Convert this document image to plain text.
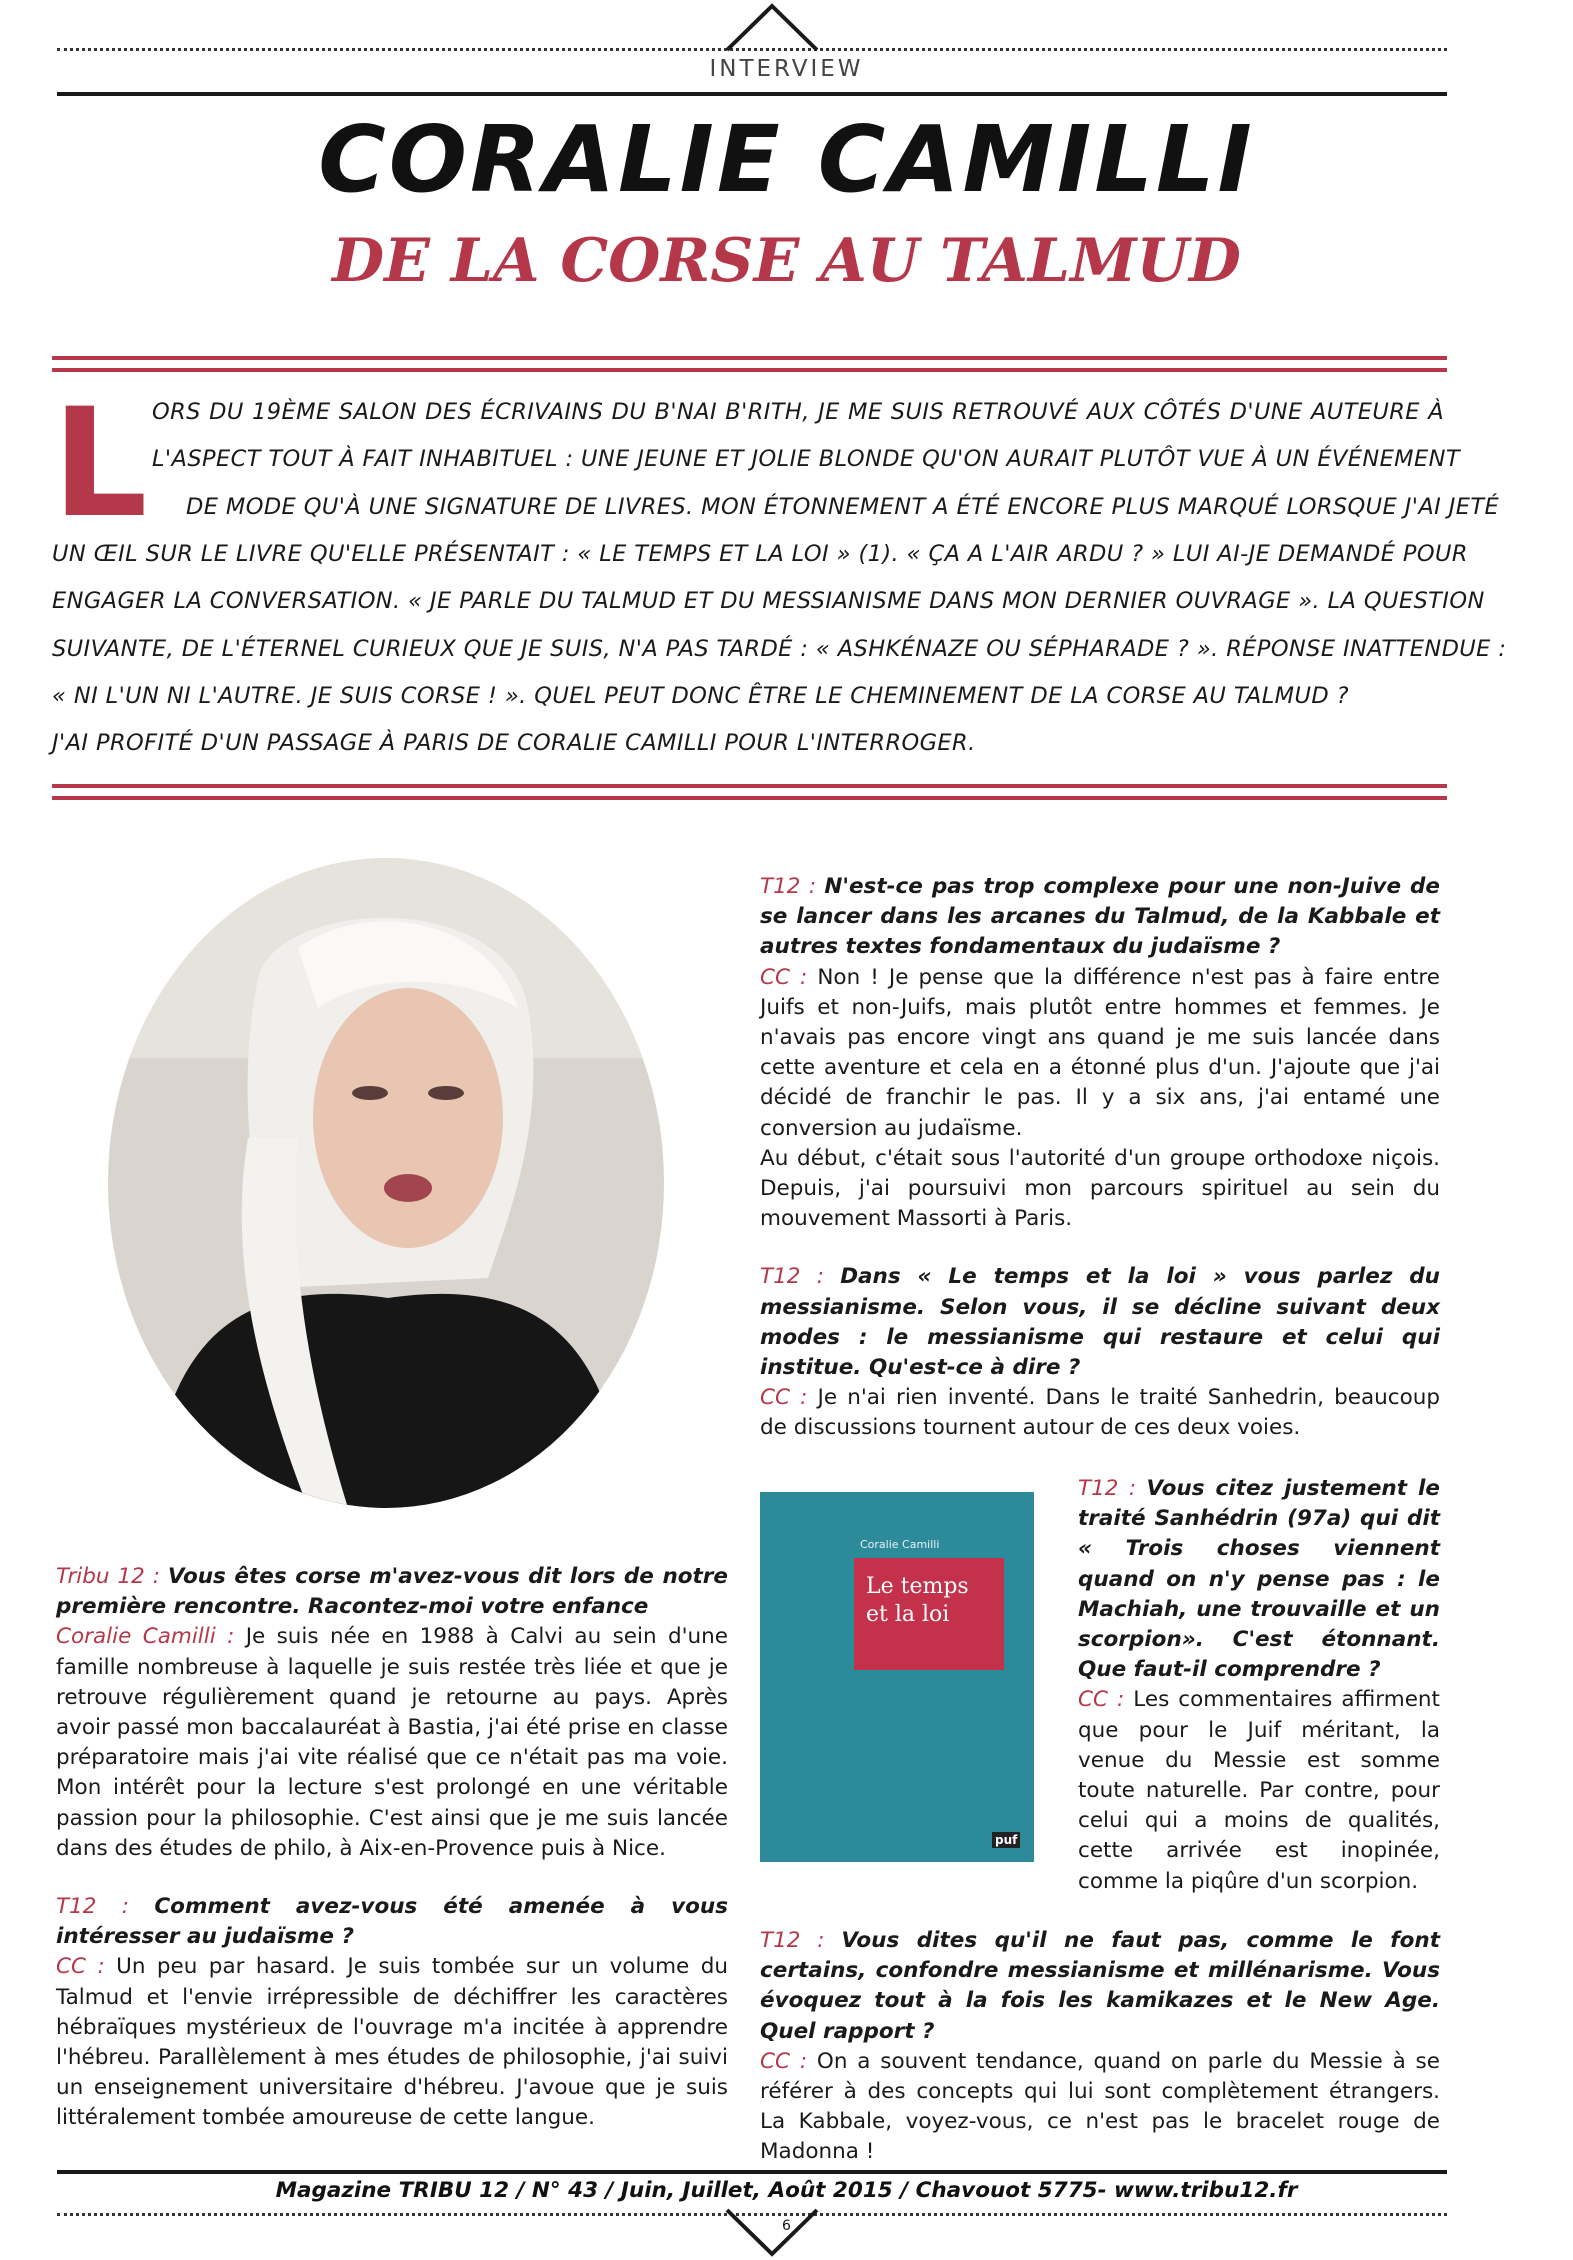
INTERVIEW
CORALIE CAMILLI
DE LA CORSE AU TALMUD
L ORS DU 19ÈME SALON DES ÉCRIVAINS DU B'NAI B'RITH, JE ME SUIS RETROUVÉ AUX CÔTÉS D'UNE AUTEURE À
L'ASPECT TOUT À FAIT INHABITUEL : UNE JEUNE ET JOLIE BLONDE QU'ON AURAIT PLUTÔT VUE À UN ÉVÉNEMENT
DE MODE QU'À UNE SIGNATURE DE LIVRES. MON ÉTONNEMENT A ÉTÉ ENCORE PLUS MARQUÉ LORSQUE J'AI JETÉ
UN ŒIL SUR LE LIVRE QU'ELLE PRÉSENTAIT : « LE TEMPS ET LA LOI » (1). « ÇA A L'AIR ARDU ? » LUI AI-JE DEMANDÉ POUR
ENGAGER LA CONVERSATION. « JE PARLE DU TALMUD ET DU MESSIANISME DANS MON DERNIER OUVRAGE ». LA QUESTION
SUIVANTE, DE L'ÉTERNEL CURIEUX QUE JE SUIS, N'A PAS TARDÉ : « ASHKÉNAZE OU SÉPHARADE ? ». RÉPONSE INATTENDUE :
« NI L'UN NI L'AUTRE. JE SUIS CORSE ! ». QUEL PEUT DONC ÊTRE LE CHEMINEMENT DE LA CORSE AU TALMUD ?
J'AI PROFITÉ D'UN PASSAGE À PARIS DE CORALIE CAMILLI POUR L'INTERROGER.

T12 : N'est-ce pas trop complexe pour une non-Juive de se lancer dans les arcanes du Talmud, de la Kabbale et autres textes fondamentaux du judaïsme ?

CC : Non ! Je pense que la différence n'est pas à faire entre Juifs et non-Juifs, mais plutôt entre hommes et femmes. Je n'avais pas encore vingt ans quand je me suis lancée dans cette aventure et cela en a étonné plus d'un. J'ajoute que j'ai décidé de franchir le pas. Il y a six ans, j'ai entamé une conversion au judaïsme.

Au début, c'était sous l'autorité d'un groupe orthodoxe niçois. Depuis, j'ai poursuivi mon parcours spirituel au sein du mouvement Massorti à Paris.

T12 : Dans « Le temps et la loi » vous parlez du messianisme. Selon vous, il se décline suivant deux modes : le messianisme qui restaure et celui qui institue. Qu'est-ce à dire ?

CC : Je n'ai rien inventé. Dans le traité Sanhedrin, beaucoup de discussions tournent autour de ces deux voies.

Coralie Camilli
Le temps
et la loi
puf

T12 : Vous citez justement le traité Sanhédrin (97a) qui dit « Trois choses viennent quand on n'y pense pas : le Machiah, une trouvaille et un scorpion». C'est étonnant. Que faut-il comprendre ?

CC : Les commentaires affirment que pour le Juif méritant, la venue du Messie est somme toute naturelle. Par contre, pour celui qui a moins de qualités, cette arrivée est inopinée, comme la piqûre d'un scorpion.

T12 : Vous dites qu'il ne faut pas, comme le font certains, confondre messianisme et millénarisme. Vous évoquez tout à la fois les kamikazes et le New Age. Quel rapport ?

CC : On a souvent tendance, quand on parle du Messie à se référer à des concepts qui lui sont complètement étrangers. La Kabbale, voyez-vous, ce n'est pas le bracelet rouge de Madonna !

Tribu 12 : Vous êtes corse m'avez-vous dit lors de notre première rencontre. Racontez-moi votre enfance

Coralie Camilli : Je suis née en 1988 à Calvi au sein d'une famille nombreuse à laquelle je suis restée très liée et que je retrouve régulièrement quand je retourne au pays. Après avoir passé mon baccalauréat à Bastia, j'ai été prise en classe préparatoire mais j'ai vite réalisé que ce n'était pas ma voie. Mon intérêt pour la lecture s'est prolongé en une véritable passion pour la philosophie. C'est ainsi que je me suis lancée dans des études de philo, à Aix-en-Provence puis à Nice.

T12 : Comment avez-vous été amenée à vous intéresser au judaïsme ?

CC : Un peu par hasard. Je suis tombée sur un volume du Talmud et l'envie irrépressible de déchiffrer les caractères hébraïques mystérieux de l'ouvrage m'a incitée à apprendre l'hébreu. Parallèlement à mes études de philosophie, j'ai suivi un enseignement universitaire d'hébreu. J'avoue que je suis littéralement tombée amoureuse de cette langue.

Magazine TRIBU 12 / N° 43 / Juin, Juillet, Août 2015 / Chavouot 5775- www.tribu12.fr
6
